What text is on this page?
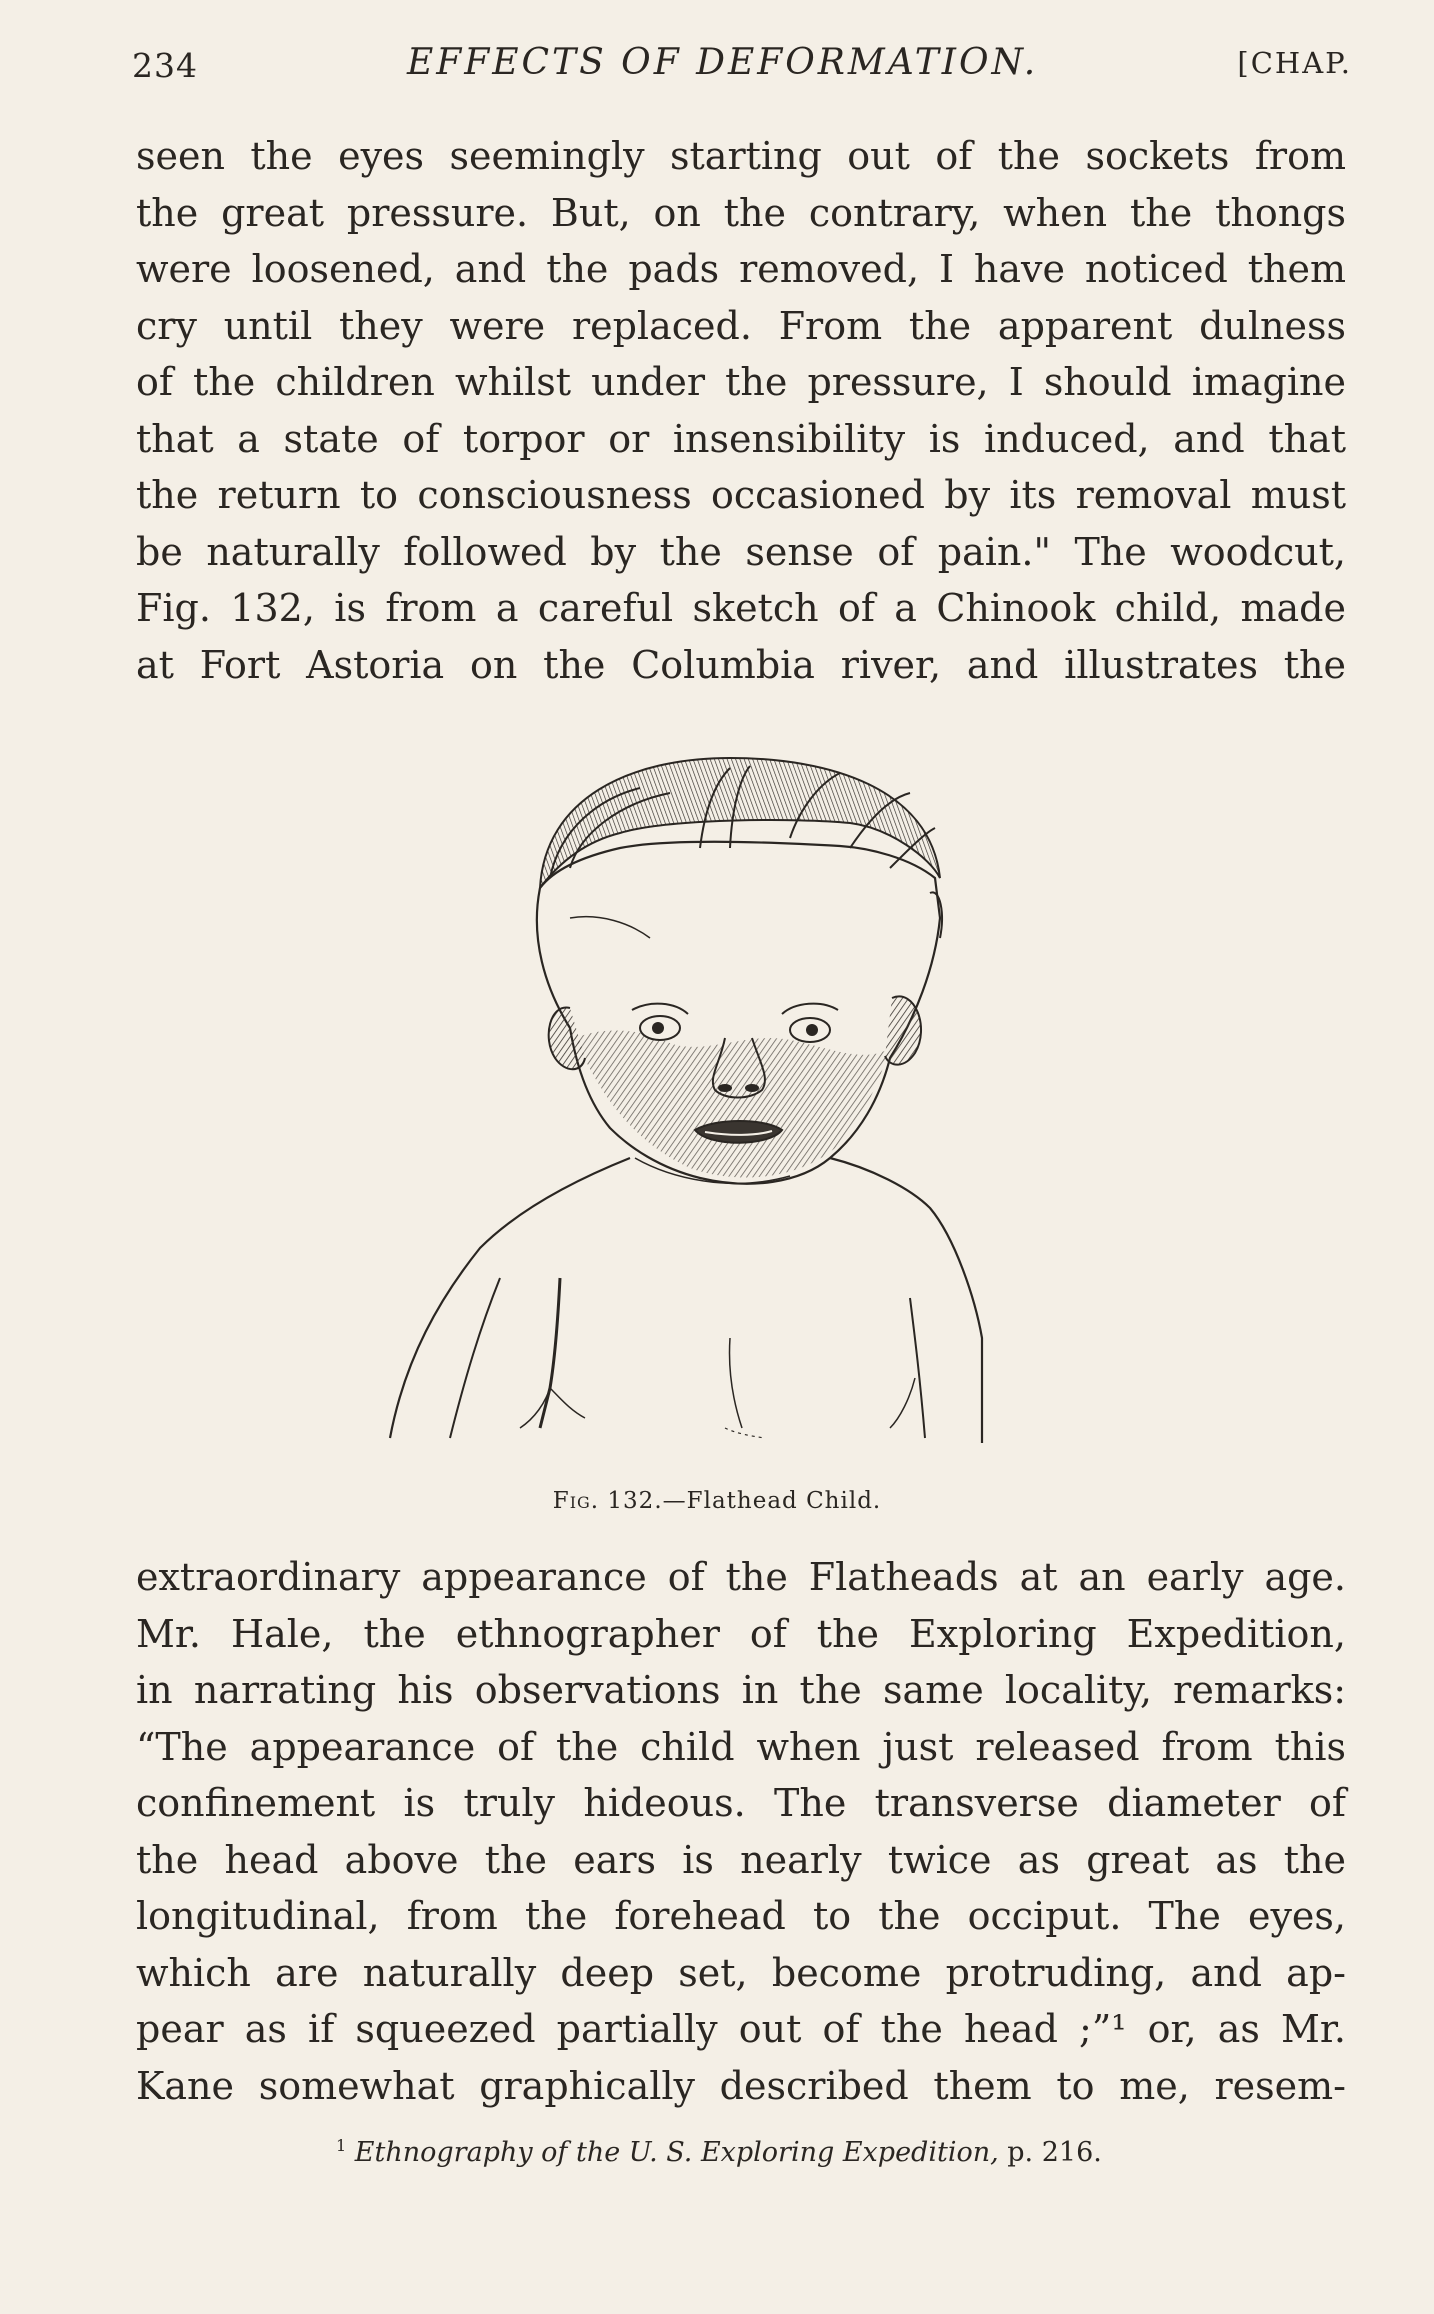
234	EFFECTS OF DEFORMATION.	[CHAP.
seen the eyes seemingly starting out of the sockets from
the great pressure. But, on the contrary, when the thongs
were loosened, and the pads removed, I have noticed them
cry until they were replaced. From the apparent dulness
of the children whilst under the pressure, I should imagine
that a state of torpor or insensibility is induced, and that
the return to consciousness occasioned by its removal must
be naturally followed by the sense of pain." The woodcut,
Fig. 132, is from a careful sketch of a Chinook child, made
at Fort Astoria on the Columbia river, and illustrates the
Fig. 132.—Flathead Child.
extraordinary appearance of the Flatheads at an early age.
Mr. Hale, the ethnographer of the Exploring Expedition,
in narrating his observations in the same locality, remarks:
“The appearance of the child when just released from this
confinement is truly hideous. The transverse diameter of
the head above the ears is nearly twice as great as the
longitudinal, from the forehead to the occiput. The eyes,
which are naturally deep set, become protruding, and ap-
pear as if squeezed partially out of the head ;”¹ or, as Mr.
Kane somewhat graphically described them to me, resem-
$^1$ Ethnography of the U. S. Exploring Expedition, p. 216.
